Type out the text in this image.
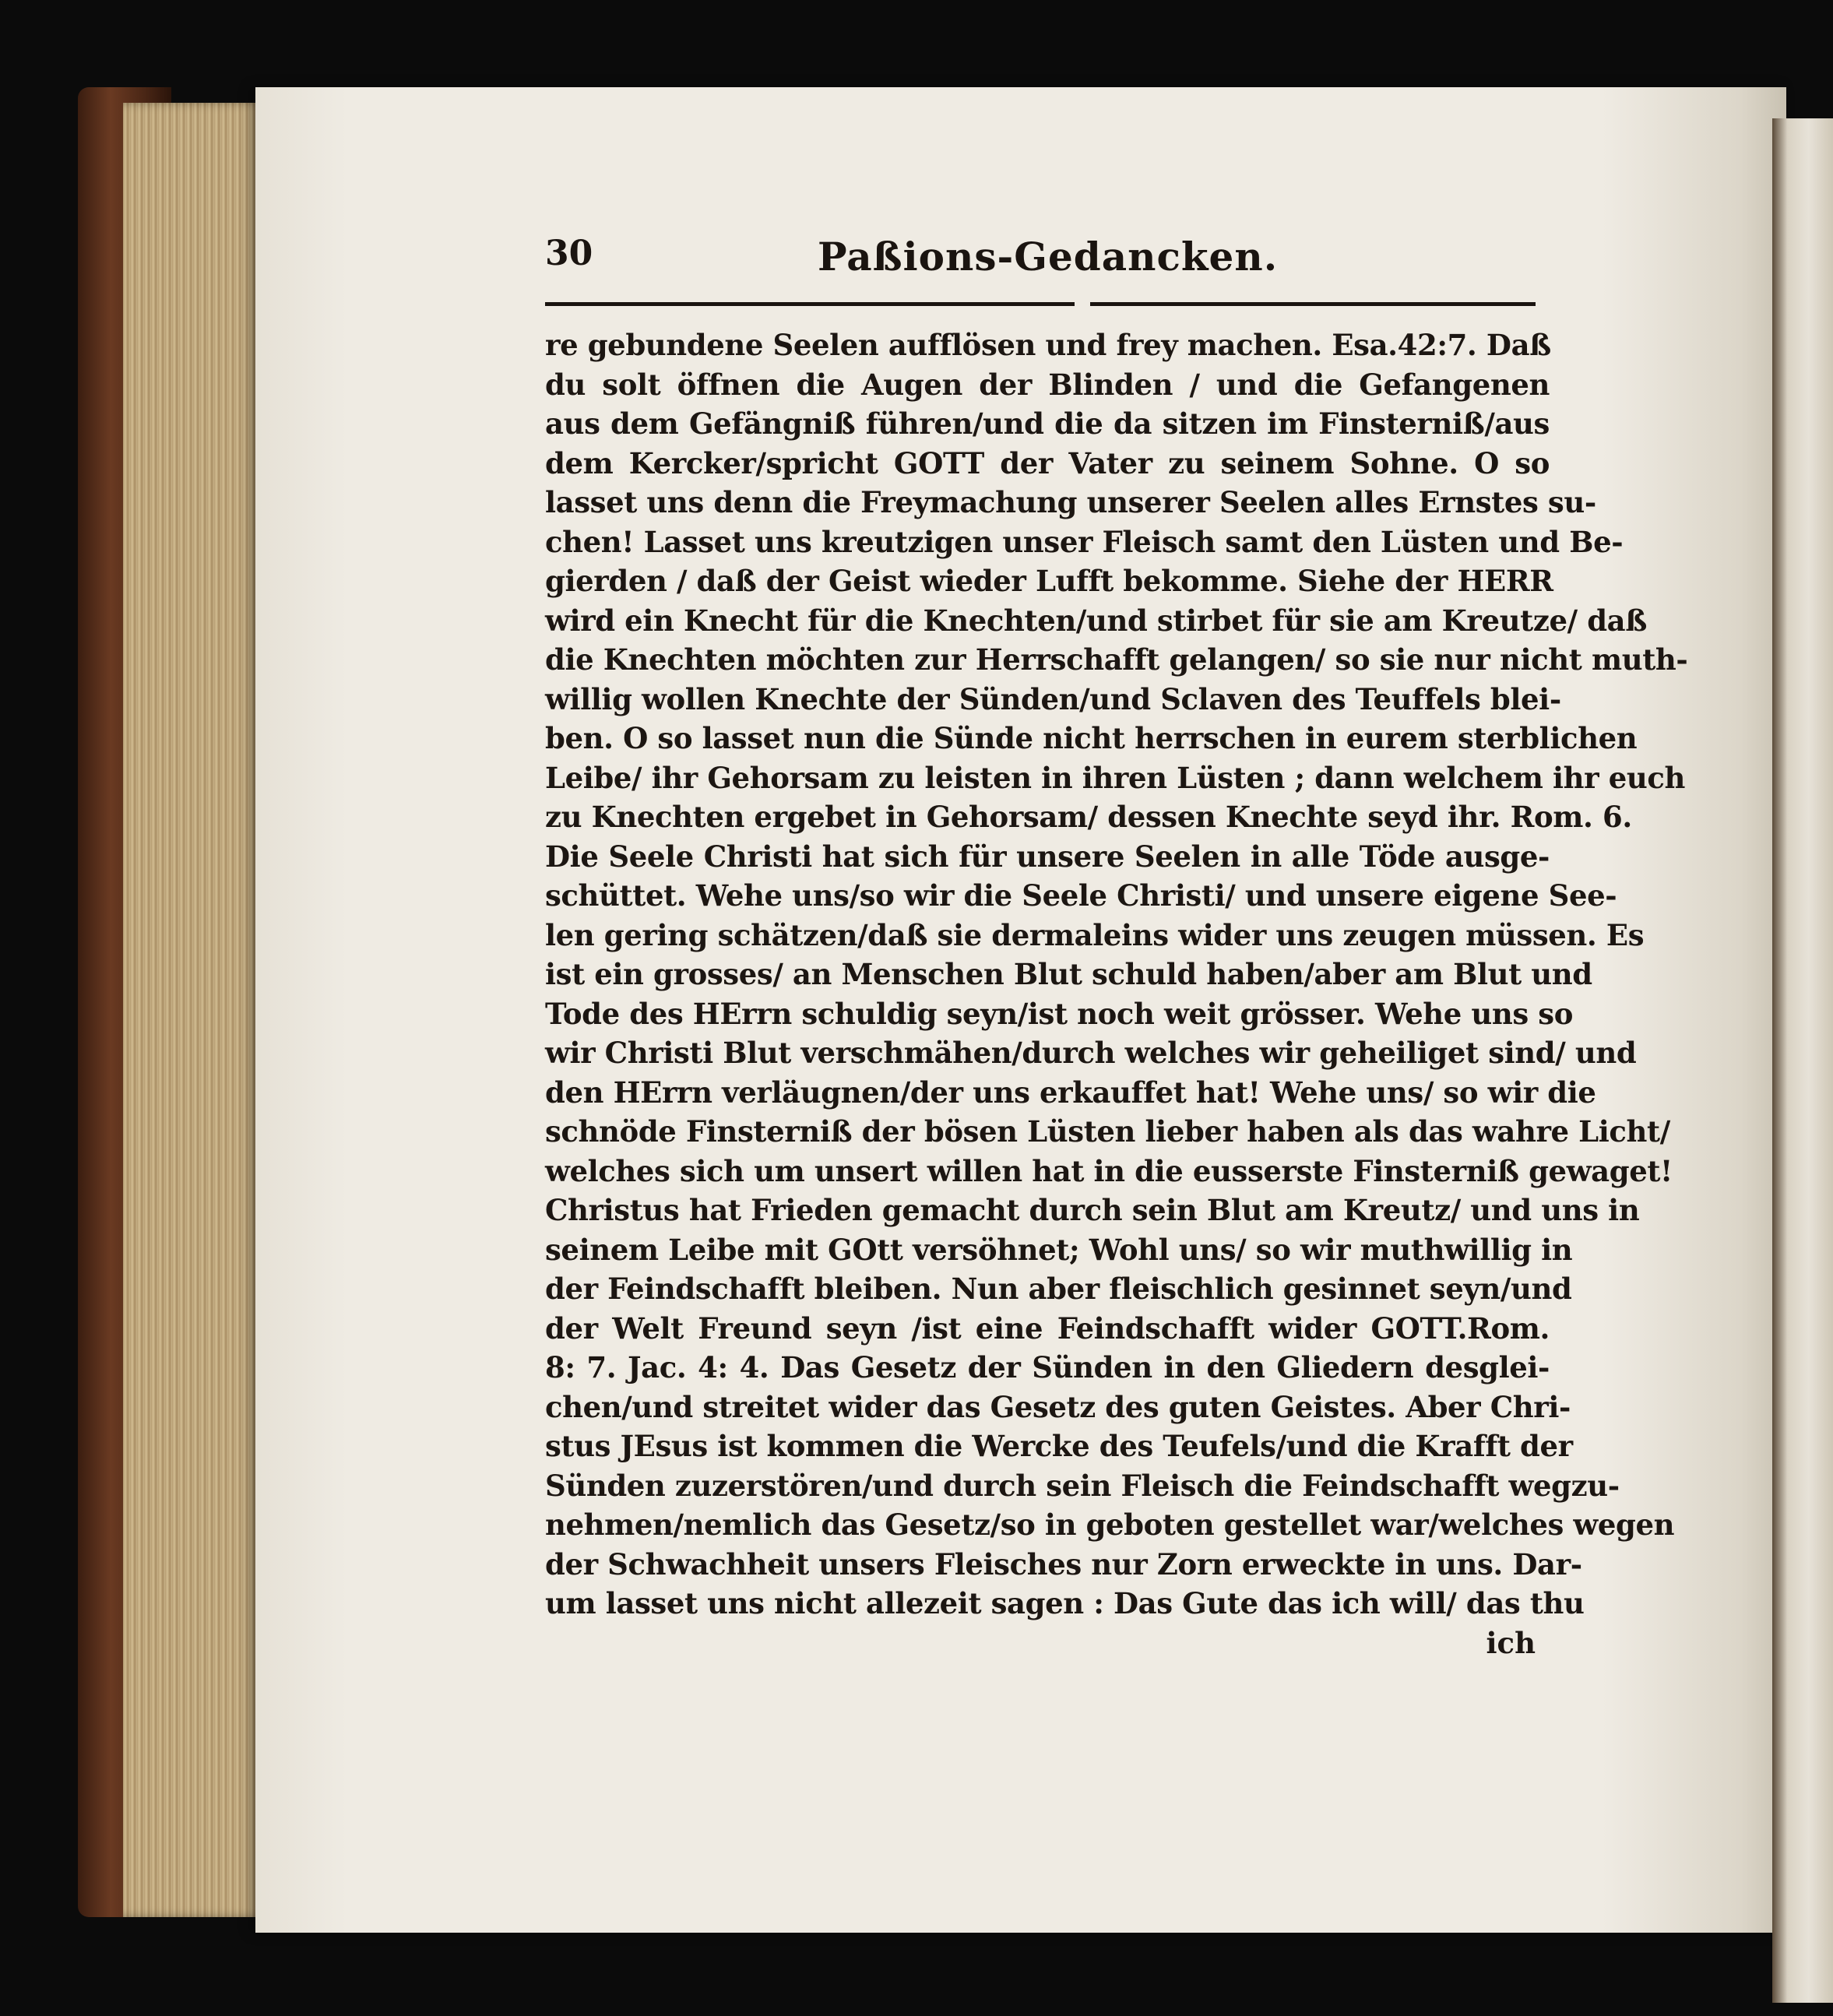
30	Paßions-Gedancken.
re gebundene Seelen aufflösen und frey machen. Esa.42:7. Daß
du solt öffnen die Augen der Blinden / und die Gefangenen
aus dem Gefängniß führen/und die da sitzen im Finsterniß/aus
dem Kercker/spricht GOTT der Vater zu seinem Sohne. O so
lasset uns denn die Freymachung unserer Seelen alles Ernstes su-
chen! Lasset uns kreutzigen unser Fleisch samt den Lüsten und Be-
gierden / daß der Geist wieder Lufft bekomme. Siehe der HERR
wird ein Knecht für die Knechten/und stirbet für sie am Kreutze/ daß
die Knechten möchten zur Herrschafft gelangen/ so sie nur nicht muth-
willig wollen Knechte der Sünden/und Sclaven des Teuffels blei-
ben. O so lasset nun die Sünde nicht herrschen in eurem sterblichen
Leibe/ ihr Gehorsam zu leisten in ihren Lüsten ; dann welchem ihr euch
zu Knechten ergebet in Gehorsam/ dessen Knechte seyd ihr. Rom. 6.
Die Seele Christi hat sich für unsere Seelen in alle Töde ausge-
schüttet. Wehe uns/so wir die Seele Christi/ und unsere eigene See-
len gering schätzen/daß sie dermaleins wider uns zeugen müssen. Es
ist ein grosses/ an Menschen Blut schuld haben/aber am Blut und
Tode des HErrn schuldig seyn/ist noch weit grösser. Wehe uns so
wir Christi Blut verschmähen/durch welches wir geheiliget sind/ und
den HErrn verläugnen/der uns erkauffet hat! Wehe uns/ so wir die
schnöde Finsterniß der bösen Lüsten lieber haben als das wahre Licht/
welches sich um unsert willen hat in die eusserste Finsterniß gewaget!
Christus hat Frieden gemacht durch sein Blut am Kreutz/ und uns in
seinem Leibe mit GOtt versöhnet; Wohl uns/ so wir muthwillig in
der Feindschafft bleiben. Nun aber fleischlich gesinnet seyn/und
der Welt Freund seyn /ist eine Feindschafft wider GOTT.Rom.
8: 7. Jac. 4: 4. Das Gesetz der Sünden in den Gliedern desglei-
chen/und streitet wider das Gesetz des guten Geistes. Aber Chri-
stus JEsus ist kommen die Wercke des Teufels/und die Krafft der
Sünden zuzerstören/und durch sein Fleisch die Feindschafft wegzu-
nehmen/nemlich das Gesetz/so in geboten gestellet war/welches wegen
der Schwachheit unsers Fleisches nur Zorn erweckte in uns. Dar-
um lasset uns nicht allezeit sagen : Das Gute das ich will/ das thu
ich
